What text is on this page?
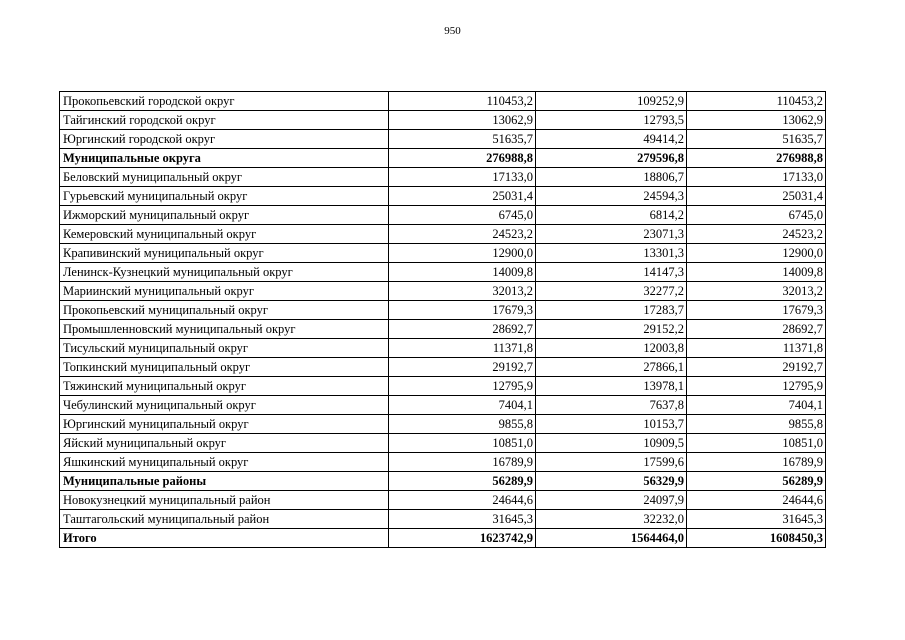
950
Прокопьевский городской округ	110453,2	109252,9	110453,2
Тайгинский городской округ	13062,9	12793,5	13062,9
Юргинский городской округ	51635,7	49414,2	51635,7
Муниципальные округа	276988,8	279596,8	276988,8
Беловский муниципальный округ	17133,0	18806,7	17133,0
Гурьевский муниципальный округ	25031,4	24594,3	25031,4
Ижморский муниципальный округ	6745,0	6814,2	6745,0
Кемеровский муниципальный округ	24523,2	23071,3	24523,2
Крапивинский муниципальный округ	12900,0	13301,3	12900,0
Ленинск-Кузнецкий муниципальный округ	14009,8	14147,3	14009,8
Мариинский муниципальный округ	32013,2	32277,2	32013,2
Прокопьевский муниципальный округ	17679,3	17283,7	17679,3
Промышленновский муниципальный округ	28692,7	29152,2	28692,7
Тисульский муниципальный округ	11371,8	12003,8	11371,8
Топкинский муниципальный округ	29192,7	27866,1	29192,7
Тяжинский муниципальный округ	12795,9	13978,1	12795,9
Чебулинский муниципальный округ	7404,1	7637,8	7404,1
Юргинский муниципальный округ	9855,8	10153,7	9855,8
Яйский муниципальный округ	10851,0	10909,5	10851,0
Яшкинский муниципальный округ	16789,9	17599,6	16789,9
Муниципальные районы	56289,9	56329,9	56289,9
Новокузнецкий муниципальный район	24644,6	24097,9	24644,6
Таштагольский муниципальный район	31645,3	32232,0	31645,3
Итого	1623742,9	1564464,0	1608450,3
